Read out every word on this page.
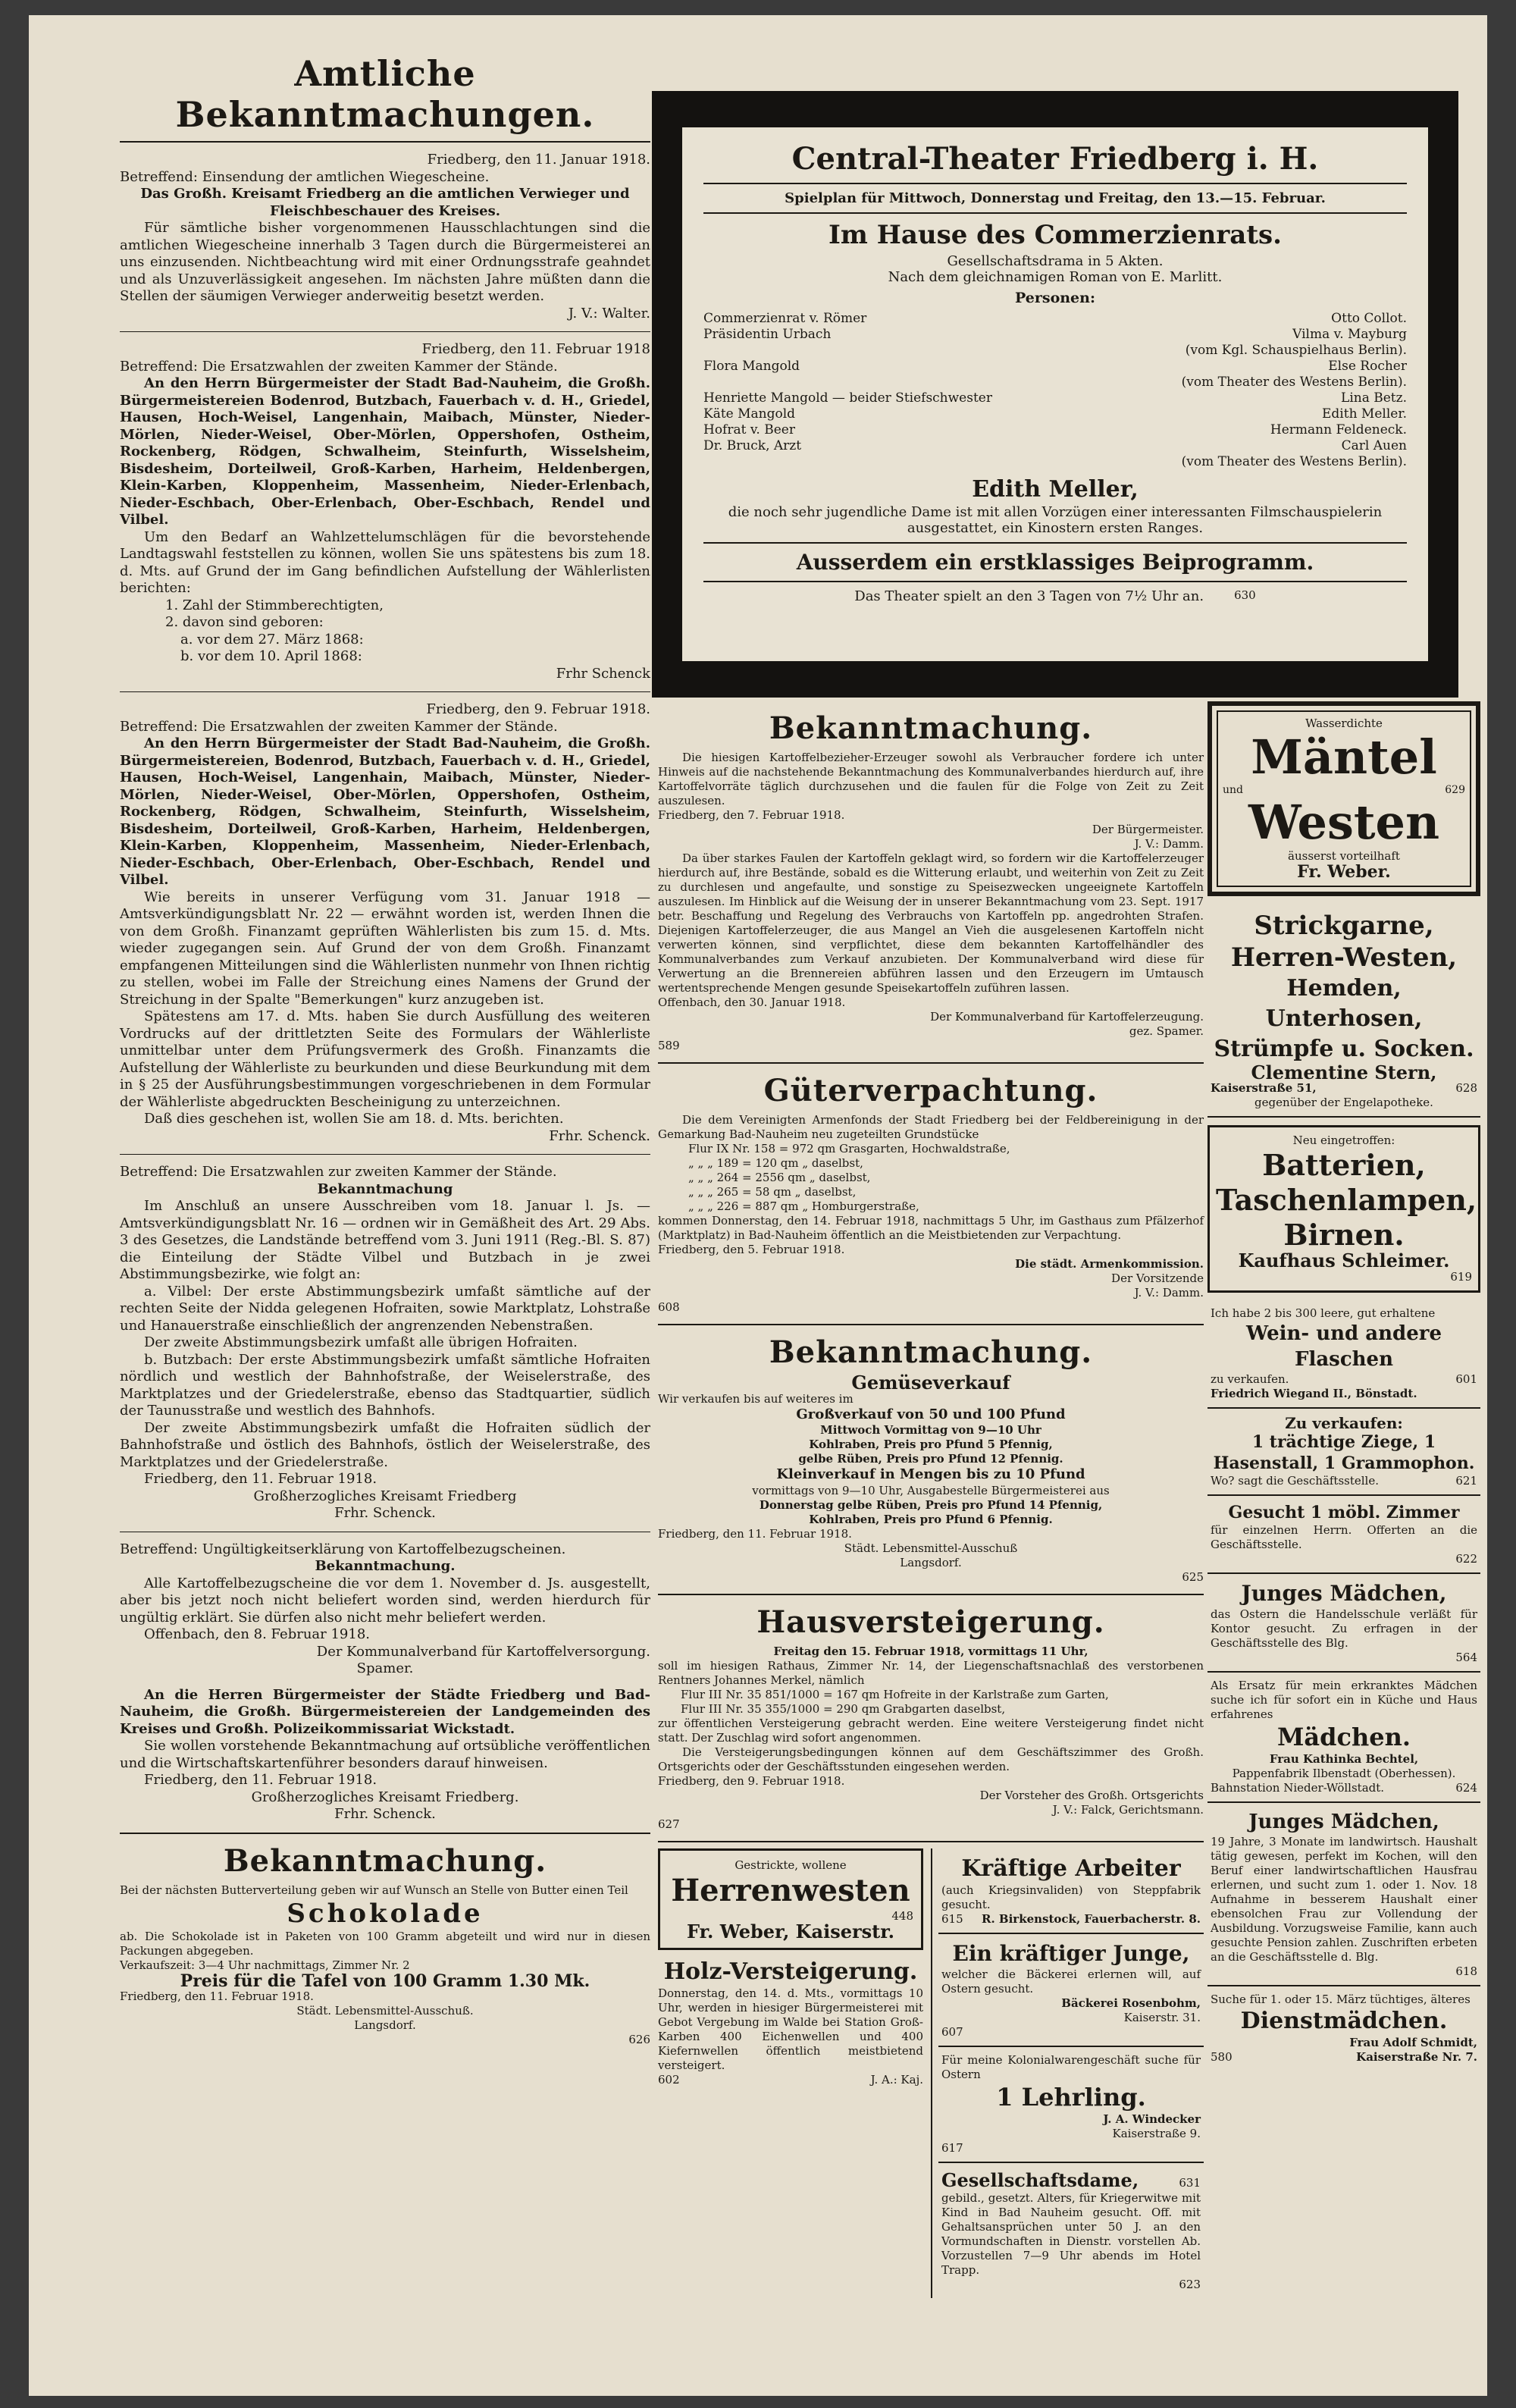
Amtliche Bekanntmachungen.

Friedberg, den 11. Januar 1918.

Betreffend: Einsendung der amtlichen Wiegescheine.

Das Großh. Kreisamt Friedberg an die amtlichen Verwieger und Fleischbeschauer des Kreises.

Für sämtliche bisher vorgenommenen Hausschlachtungen sind die amtlichen Wiegescheine innerhalb 3 Tagen durch die Bürgermeisterei an uns einzusenden. Nichtbeachtung wird mit einer Ordnungsstrafe geahndet und als Unzuverlässigkeit angesehen. Im nächsten Jahre müßten dann die Stellen der säumigen Verwieger anderweitig besetzt werden.

J. V.: Walter.

Friedberg, den 11. Februar 1918

Betreffend: Die Ersatzwahlen der zweiten Kammer der Stände.

An den Herrn Bürgermeister der Stadt Bad-Nauheim, die Großh. Bürgermeistereien Bodenrod, Butzbach, Fauerbach v. d. H., Griedel, Hausen, Hoch-Weisel, Langenhain, Maibach, Münster, Nieder-Mörlen, Nieder-Weisel, Ober-Mörlen, Oppershofen, Ostheim, Rockenberg, Rödgen, Schwalheim, Steinfurth, Wisselsheim, Bisdesheim, Dorteilweil, Groß-Karben, Harheim, Heldenbergen, Klein-Karben, Kloppenheim, Massenheim, Nieder-Erlenbach, Nieder-Eschbach, Ober-Erlenbach, Ober-Eschbach, Rendel und Vilbel.

Um den Bedarf an Wahlzettelumschlägen für die bevorstehende Landtagswahl feststellen zu können, wollen Sie uns spätestens bis zum 18. d. Mts. auf Grund der im Gang befindlichen Aufstellung der Wählerlisten berichten:

1. Zahl der Stimmberechtigten,

2. davon sind geboren:

a. vor dem 27. März 1868:

b. vor dem 10. April 1868:

Frhr Schenck

Friedberg, den 9. Februar 1918.

Betreffend: Die Ersatzwahlen der zweiten Kammer der Stände.

An den Herrn Bürgermeister der Stadt Bad-Nauheim, die Großh. Bürgermeistereien, Bodenrod, Butzbach, Fauerbach v. d. H., Griedel, Hausen, Hoch-Weisel, Langenhain, Maibach, Münster, Nieder-Mörlen, Nieder-Weisel, Ober-Mörlen, Oppershofen, Ostheim, Rockenberg, Rödgen, Schwalheim, Steinfurth, Wisselsheim, Bisdesheim, Dorteilweil, Groß-Karben, Harheim, Heldenbergen, Klein-Karben, Kloppenheim, Massenheim, Nieder-Erlenbach, Nieder-Eschbach, Ober-Erlenbach, Ober-Eschbach, Rendel und Vilbel.

Wie bereits in unserer Verfügung vom 31. Januar 1918 — Amtsverkündigungsblatt Nr. 22 — erwähnt worden ist, werden Ihnen die von dem Großh. Finanzamt geprüften Wählerlisten bis zum 15. d. Mts. wieder zugegangen sein. Auf Grund der von dem Großh. Finanzamt empfangenen Mitteilungen sind die Wählerlisten nunmehr von Ihnen richtig zu stellen, wobei im Falle der Streichung eines Namens der Grund der Streichung in der Spalte "Bemerkungen" kurz anzugeben ist.

Spätestens am 17. d. Mts. haben Sie durch Ausfüllung des weiteren Vordrucks auf der drittletzten Seite des Formulars der Wählerliste unmittelbar unter dem Prüfungsvermerk des Großh. Finanzamts die Aufstellung der Wählerliste zu beurkunden und diese Beurkundung mit dem in § 25 der Ausführungsbestimmungen vorgeschriebenen in dem Formular der Wählerliste abgedruckten Bescheinigung zu unterzeichnen.

Daß dies geschehen ist, wollen Sie am 18. d. Mts. berichten.

Frhr. Schenck.

Betreffend: Die Ersatzwahlen zur zweiten Kammer der Stände.

Bekanntmachung

Im Anschluß an unsere Ausschreiben vom 18. Januar l. Js. — Amtsverkündigungsblatt Nr. 16 — ordnen wir in Gemäßheit des Art. 29 Abs. 3 des Gesetzes, die Landstände betreffend vom 3. Juni 1911 (Reg.-Bl. S. 87) die Einteilung der Städte Vilbel und Butzbach in je zwei Abstimmungsbezirke, wie folgt an:

a. Vilbel: Der erste Abstimmungsbezirk umfaßt sämtliche auf der rechten Seite der Nidda gelegenen Hofraiten, sowie Marktplatz, Lohstraße und Hanauerstraße einschließlich der angrenzenden Nebenstraßen.

Der zweite Abstimmungsbezirk umfaßt alle übrigen Hofraiten.

b. Butzbach: Der erste Abstimmungsbezirk umfaßt sämtliche Hofraiten nördlich und westlich der Bahnhofstraße, der Weiselerstraße, des Marktplatzes und der Griedelerstraße, ebenso das Stadtquartier, südlich der Taunusstraße und westlich des Bahnhofs.

Der zweite Abstimmungsbezirk umfaßt die Hofraiten südlich der Bahnhofstraße und östlich des Bahnhofs, östlich der Weiselerstraße, des Marktplatzes und der Griedelerstraße.

Friedberg, den 11. Februar 1918.

Großherzogliches Kreisamt Friedberg

Frhr. Schenck.

Betreffend: Ungültigkeitserklärung von Kartoffelbezugscheinen.

Bekanntmachung.

Alle Kartoffelbezugscheine die vor dem 1. November d. Js. ausgestellt, aber bis jetzt noch nicht beliefert worden sind, werden hierdurch für ungültig erklärt. Sie dürfen also nicht mehr beliefert werden.

Offenbach, den 8. Februar 1918.

Der Kommunalverband für Kartoffelversorgung.

Spamer.

An die Herren Bürgermeister der Städte Friedberg und Bad-Nauheim, die Großh. Bürgermeistereien der Landgemeinden des Kreises und Großh. Polizeikommissariat Wickstadt.

Sie wollen vorstehende Bekanntmachung auf ortsübliche veröffentlichen und die Wirtschaftskartenführer besonders darauf hinweisen.

Friedberg, den 11. Februar 1918.

Großherzogliches Kreisamt Friedberg.

Frhr. Schenck.

Bekanntmachung.

Bei der nächsten Butterverteilung geben wir auf Wunsch an Stelle von Butter einen Teil

Schokolade

ab. Die Schokolade ist in Paketen von 100 Gramm abgeteilt und wird nur in diesen Packungen abgegeben.

Verkaufszeit: 3—4 Uhr nachmittags, Zimmer Nr. 2

Preis für die Tafel von 100 Gramm 1.30 Mk.

Friedberg, den 11. Februar 1918.

Städt. Lebensmittel-Ausschuß.

Langsdorf.

626

Central-Theater Friedberg i. H.

Spielplan für Mittwoch, Donnerstag und Freitag, den 13.—15. Februar.

Im Hause des Commerzienrats.

Gesellschaftsdrama in 5 Akten.

Nach dem gleichnamigen Roman von E. Marlitt.

Personen:

Commerzienrat v. Römer	Otto Collot.
Präsidentin Urbach	Vilma v. Mayburg
(vom Kgl. Schauspielhaus Berlin).
Flora Mangold	Else Rocher
(vom Theater des Westens Berlin).
Henriette Mangold — beider Stiefschwester	Lina Betz.
Käte Mangold	Edith Meller.
Hofrat v. Beer	Hermann Feldeneck.
Dr. Bruck, Arzt	Carl Auen
(vom Theater des Westens Berlin).

Edith Meller,

die noch sehr jugendliche Dame ist mit allen Vorzügen einer interessanten Filmschauspielerin ausgestattet, ein Kinostern ersten Ranges.

Ausserdem ein erstklassiges Beiprogramm.

Das Theater spielt an den 3 Tagen von 7½ Uhr an.	630
Bekanntmachung.

Die hiesigen Kartoffelbezieher-Erzeuger sowohl als Verbraucher fordere ich unter Hinweis auf die nachstehende Bekanntmachung des Kommunalverbandes hierdurch auf, ihre Kartoffelvorräte täglich durchzusehen und die faulen für die Folge von Zeit zu Zeit auszulesen.

Friedberg, den 7. Februar 1918.

Der Bürgermeister.

J. V.: Damm.

Da über starkes Faulen der Kartoffeln geklagt wird, so fordern wir die Kartoffelerzeuger hierdurch auf, ihre Bestände, sobald es die Witterung erlaubt, und weiterhin von Zeit zu Zeit zu durchlesen und angefaulte, und sonstige zu Speisezwecken ungeeignete Kartoffeln auszulesen. Im Hinblick auf die Weisung der in unserer Bekanntmachung vom 23. Sept. 1917 betr. Beschaffung und Regelung des Verbrauchs von Kartoffeln pp. angedrohten Strafen. Diejenigen Kartoffelerzeuger, die aus Mangel an Vieh die ausgelesenen Kartoffeln nicht verwerten können, sind verpflichtet, diese dem bekannten Kartoffelhändler des Kommunalverbandes zum Verkauf anzubieten. Der Kommunalverband wird diese für Verwertung an die Brennereien abführen lassen und den Erzeugern im Umtausch wertentsprechende Mengen gesunde Speisekartoffeln zuführen lassen.

Offenbach, den 30. Januar 1918.

Der Kommunalverband für Kartoffelerzeugung.

gez. Spamer.

589

Güterverpachtung.

Die dem Vereinigten Armenfonds der Stadt Friedberg bei der Feldbereinigung in der Gemarkung Bad-Nauheim neu zugeteilten Grundstücke

Flur IX Nr. 158 = 972 qm Grasgarten, Hochwaldstraße,

„ „ „ 189 = 120 qm „ daselbst,

„ „ „ 264 = 2556 qm „ daselbst,

„ „ „ 265 = 58 qm „ daselbst,

„ „ „ 226 = 887 qm „ Homburgerstraße,

kommen Donnerstag, den 14. Februar 1918, nachmittags 5 Uhr, im Gasthaus zum Pfälzerhof (Marktplatz) in Bad-Nauheim öffentlich an die Meistbietenden zur Verpachtung.

Friedberg, den 5. Februar 1918.

Die städt. Armenkommission.

Der Vorsitzende

J. V.: Damm.

608

Bekanntmachung.

Gemüseverkauf

Wir verkaufen bis auf weiteres im

Großverkauf von 50 und 100 Pfund

Mittwoch Vormittag von 9—10 Uhr

Kohlraben, Preis pro Pfund 5 Pfennig,

gelbe Rüben, Preis pro Pfund 12 Pfennig.

Kleinverkauf in Mengen bis zu 10 Pfund

vormittags von 9—10 Uhr, Ausgabestelle Bürgermeisterei aus

Donnerstag gelbe Rüben, Preis pro Pfund 14 Pfennig,

Kohlraben, Preis pro Pfund 6 Pfennig.

Friedberg, den 11. Februar 1918.

Städt. Lebensmittel-Ausschuß

Langsdorf.

625

Hausversteigerung.

Freitag den 15. Februar 1918, vormittags 11 Uhr,

soll im hiesigen Rathaus, Zimmer Nr. 14, der Liegenschaftsnachlaß des verstorbenen Rentners Johannes Merkel, nämlich

Flur III Nr. 35 851/1000 = 167 qm Hofreite in der Karlstraße zum Garten,

Flur III Nr. 35 355/1000 = 290 qm Grabgarten daselbst,

zur öffentlichen Versteigerung gebracht werden. Eine weitere Versteigerung findet nicht statt. Der Zuschlag wird sofort angenommen.

Die Versteigerungsbedingungen können auf dem Geschäftszimmer des Großh. Ortsgerichts oder der Geschäftsstunden eingesehen werden.

Friedberg, den 9. Februar 1918.

Der Vorsteher des Großh. Ortsgerichts

J. V.: Falck, Gerichtsmann.

627

Gestrickte, wollene

Herrenwesten

448

Fr. Weber, Kaiserstr.

Holz-Versteigerung.

Donnerstag, den 14. d. Mts., vormittags 10 Uhr, werden in hiesiger Bürgermeisterei mit Gebot Vergebung im Walde bei Station Groß-Karben 400 Eichenwellen und 400 Kiefernwellen öffentlich meistbietend versteigert.

602	J. A.: Kaj.

Kräftige Arbeiter

(auch Kriegsinvaliden) von Steppfabrik gesucht.

615 R. Birkenstock, Fauerbacherstr. 8.

Ein kräftiger Junge,

welcher die Bäckerei erlernen will, auf Ostern gesucht.

Bäckerei Rosenbohm,

Kaiserstr. 31.

607

Für meine Kolonialwarengeschäft suche für Ostern

1 Lehrling.

J. A. Windecker

Kaiserstraße 9.

617

Gesellschaftsdame,	631

gebild., gesetzt. Alters, für Kriegerwitwe mit Kind in Bad Nauheim gesucht. Off. mit Gehaltsansprüchen unter 50 J. an den Vormundschaften in Dienstr. vorstellen Ab. Vorzustellen 7—9 Uhr abends im Hotel Trapp.

623

Wasserdichte

Mäntel

und	629

Westen

äusserst vorteilhaft

Fr. Weber.

Strickgarne,

Herren-Westen,

Hemden, Unterhosen,

Strümpfe u. Socken.

Clementine Stern,

Kaiserstraße 51,	628

gegenüber der Engelapotheke.

Neu eingetroffen:

Batterien,

Taschenlampen,

Birnen.

Kaufhaus Schleimer.

619

Ich habe 2 bis 300 leere, gut erhaltene

Wein- und andere Flaschen

zu verkaufen.	601

Friedrich Wiegand II., Bönstadt.

Zu verkaufen:

1 trächtige Ziege, 1 Hasenstall, 1 Grammophon.

Wo? sagt die Geschäftsstelle.	621

Gesucht 1 möbl. Zimmer

für einzelnen Herrn. Offerten an die Geschäftsstelle.

622

Junges Mädchen,

das Ostern die Handelsschule verläßt für Kontor gesucht. Zu erfragen in der Geschäftsstelle des Blg.

564

Als Ersatz für mein erkranktes Mädchen suche ich für sofort ein in Küche und Haus erfahrenes

Mädchen.

Frau Kathinka Bechtel,

Pappenfabrik Ilbenstadt (Oberhessen).

Bahnstation Nieder-Wöllstadt.	624

Junges Mädchen,

19 Jahre, 3 Monate im landwirtsch. Haushalt tätig gewesen, perfekt im Kochen, will den Beruf einer landwirtschaftlichen Hausfrau erlernen, und sucht zum 1. oder 1. Nov. 18 Aufnahme in besserem Haushalt einer ebensolchen Frau zur Vollendung der Ausbildung. Vorzugsweise Familie, kann auch gesuchte Pension zahlen. Zuschriften erbeten an die Geschäftsstelle d. Blg.

618

Suche für 1. oder 15. März tüchtiges, älteres

Dienstmädchen.

Frau Adolf Schmidt,

580	Kaiserstraße Nr. 7.
